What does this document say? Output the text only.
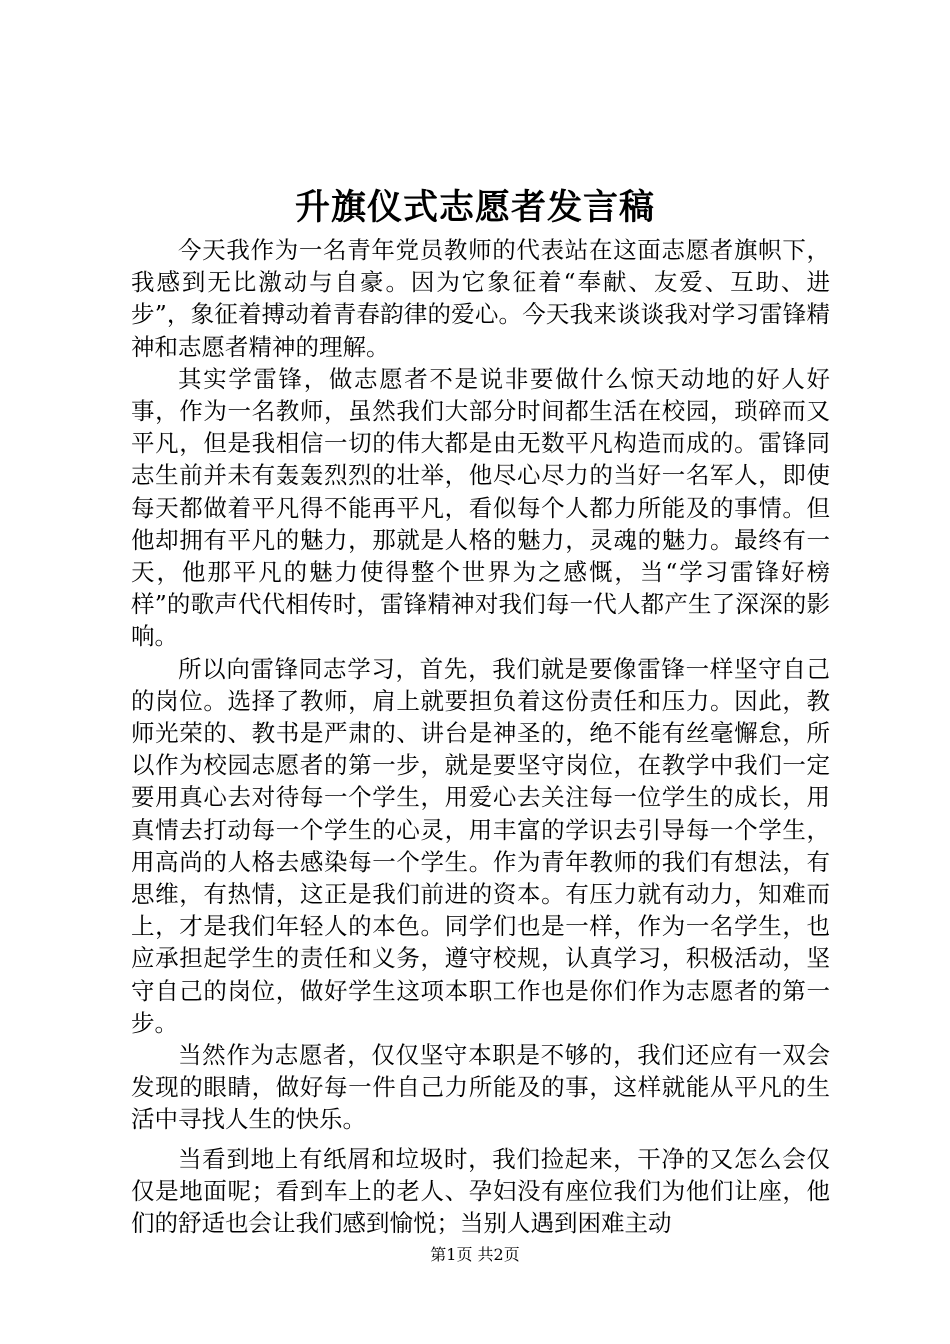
升旗仪式志愿者发言稿

今天我作为一名青年党员教师的代表站在这面志愿者旗帜下，我感到无比激动与自豪。因为它象征着“奉献、友爱、互助、进步”，象征着搏动着青春韵律的爱心。今天我来谈谈我对学习雷锋精神和志愿者精神的理解。

其实学雷锋，做志愿者不是说非要做什么惊天动地的好人好事，作为一名教师，虽然我们大部分时间都生活在校园，琐碎而又平凡，但是我相信一切的伟大都是由无数平凡构造而成的。雷锋同志生前并未有轰轰烈烈的壮举，他尽心尽力的当好一名军人，即使每天都做着平凡得不能再平凡，看似每个人都力所能及的事情。但他却拥有平凡的魅力，那就是人格的魅力，灵魂的魅力。最终有一天，他那平凡的魅力使得整个世界为之感慨，当“学习雷锋好榜样”的歌声代代相传时，雷锋精神对我们每一代人都产生了深深的影响。

所以向雷锋同志学习，首先，我们就是要像雷锋一样坚守自己的岗位。选择了教师，肩上就要担负着这份责任和压力。因此，教师光荣的、教书是严肃的、讲台是神圣的，绝不能有丝毫懈怠，所以作为校园志愿者的第一步，就是要坚守岗位，在教学中我们一定要用真心去对待每一个学生，用爱心去关注每一位学生的成长，用真情去打动每一个学生的心灵，用丰富的学识去引导每一个学生，用高尚的人格去感染每一个学生。作为青年教师的我们有想法，有思维，有热情，这正是我们前进的资本。有压力就有动力，知难而上，才是我们年轻人的本色。同学们也是一样，作为一名学生，也应承担起学生的责任和义务，遵守校规，认真学习，积极活动，坚守自己的岗位，做好学生这项本职工作也是你们作为志愿者的第一步。

当然作为志愿者，仅仅坚守本职是不够的，我们还应有一双会发现的眼睛，做好每一件自己力所能及的事，这样就能从平凡的生活中寻找人生的快乐。

当看到地上有纸屑和垃圾时，我们捡起来，干净的又怎么会仅仅是地面呢；看到车上的老人、孕妇没有座位我们为他们让座，他们的舒适也会让我们感到愉悦；当别人遇到困难主动

第1页 共2页
